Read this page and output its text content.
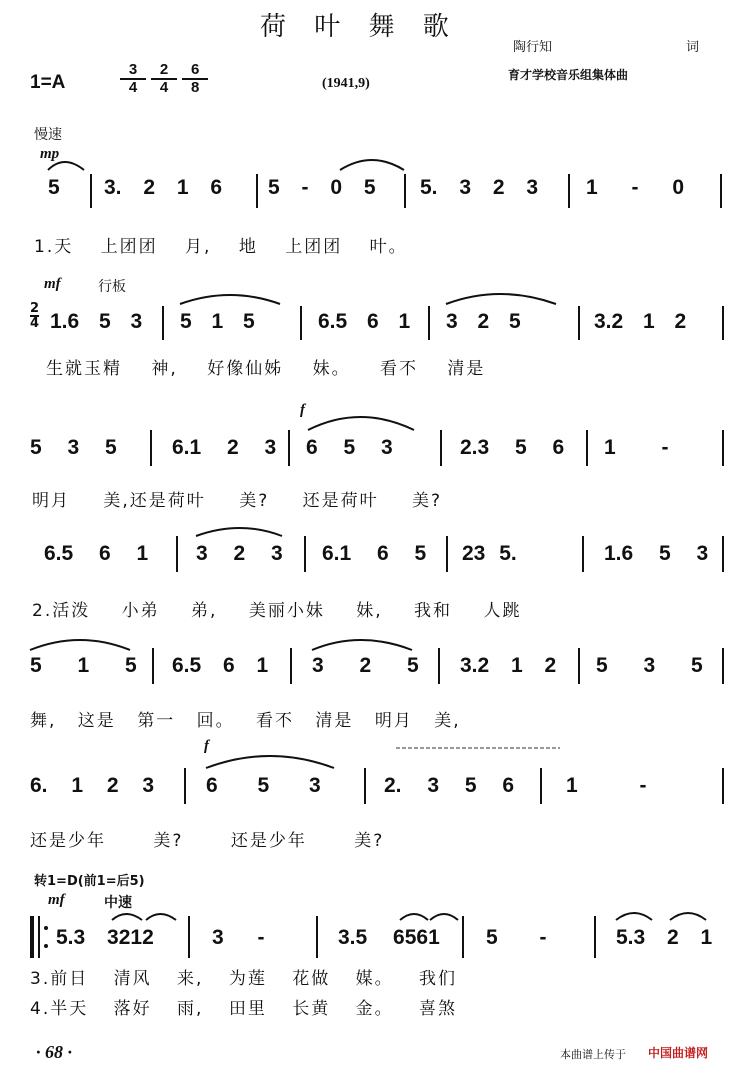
荷 叶 舞 歌
陶行知	词
1=A	$\frac{3}{4}$
$\frac{2}{4}$
$\frac{6}{8}$	(1941,9)
育才学校音乐组集体曲
慢速
mp
5 3. 2 1 6 5 - 0 5 5. 3 2 3 1 - 0
1.天 上团团 月, 地 上团团 叶。
mf	行板
2
4 1.6 5 3 5 1 5	6.5 6 1 3 2 5	3.2 1 2
生就玉精 神, 好像仙姊 妹。 看不 清是
f
5 3 5	6.1 2 3 6 5 3	2.3 5 6 1 -
明月 美,还是荷叶 美? 还是荷叶 美?
6.5 6 1 3 2 3 6.1 6 5 23 5.	1.6 5 3
2.活泼 小弟 弟, 美丽小妹 妹, 我和 人跳
5 1 5 6.5 6 1 3 2 5 3.2 1 2 5 3 5
舞, 这是 第一 回。 看不 清是 明月 美,
f
6. 1 2 3 6 5 3	2. 3 5 6 1 -
还是少年 美? 还是少年 美?
转1=D(前1=后5)
mf	中速
5.3 3212	3 -	3.5 6561 5 -	5.3 2 1
3.前日 清风 来, 为莲 花做 媒。 我们
4.半天 落好 雨, 田里 长黄 金。 喜煞
· 68 ·	本曲谱上传于 中国曲谱网
